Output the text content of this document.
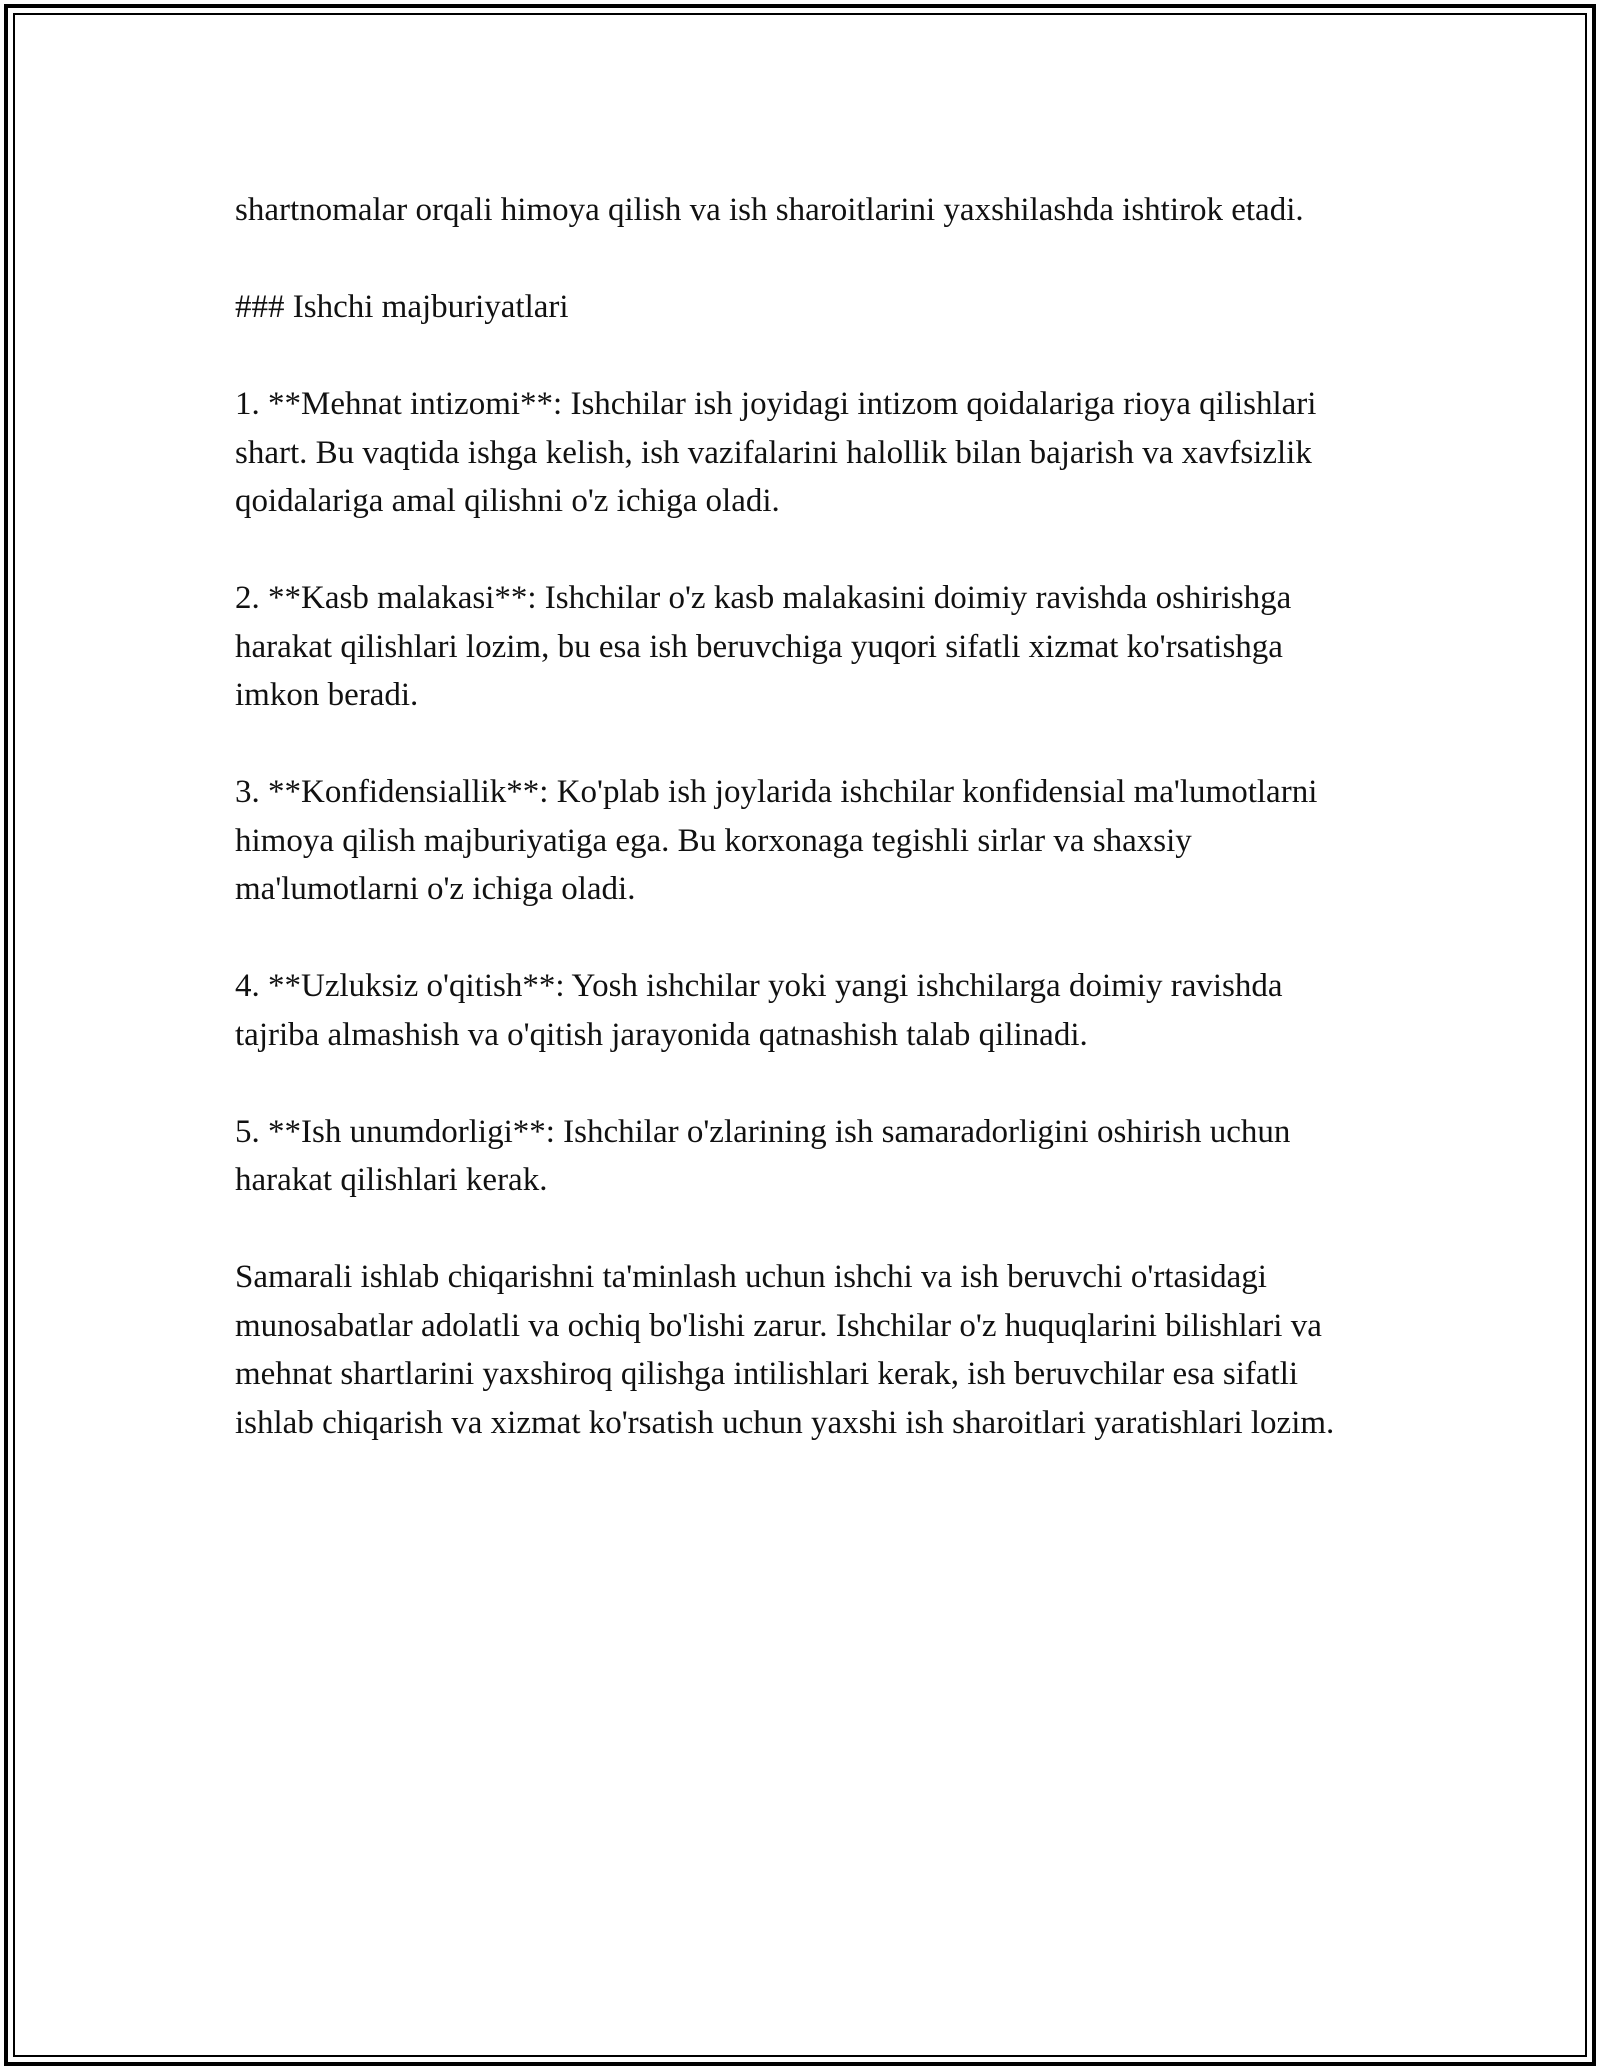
shartnomalar orqali himoya qilish va ish sharoitlarini yaxshilashda ishtirok etadi.

### Ishchi majburiyatlari

1. **Mehnat intizomi**: Ishchilar ish joyidagi intizom qoidalariga rioya qilishlari shart. Bu vaqtida ishga kelish, ish vazifalarini halollik bilan bajarish va xavfsizlik qoidalariga amal qilishni o'z ichiga oladi.

2. **Kasb malakasi**: Ishchilar o'z kasb malakasini doimiy ravishda oshirishga harakat qilishlari lozim, bu esa ish beruvchiga yuqori sifatli xizmat ko'rsatishga imkon beradi.

3. **Konfidensiallik**: Ko'plab ish joylarida ishchilar konfidensial ma'lumotlarni himoya qilish majburiyatiga ega. Bu korxonaga tegishli sirlar va shaxsiy ma'lumotlarni o'z ichiga oladi.

4. **Uzluksiz o'qitish**: Yosh ishchilar yoki yangi ishchilarga doimiy ravishda tajriba almashish va o'qitish jarayonida qatnashish talab qilinadi.

5. **Ish unumdorligi**: Ishchilar o'zlarining ish samaradorligini oshirish uchun harakat qilishlari kerak.

Samarali ishlab chiqarishni ta'minlash uchun ishchi va ish beruvchi o'rtasidagi munosabatlar adolatli va ochiq bo'lishi zarur. Ishchilar o'z huquqlarini bilishlari va mehnat shartlarini yaxshiroq qilishga intilishlari kerak, ish beruvchilar esa sifatli ishlab chiqarish va xizmat ko'rsatish uchun yaxshi ish sharoitlari yaratishlari lozim.
